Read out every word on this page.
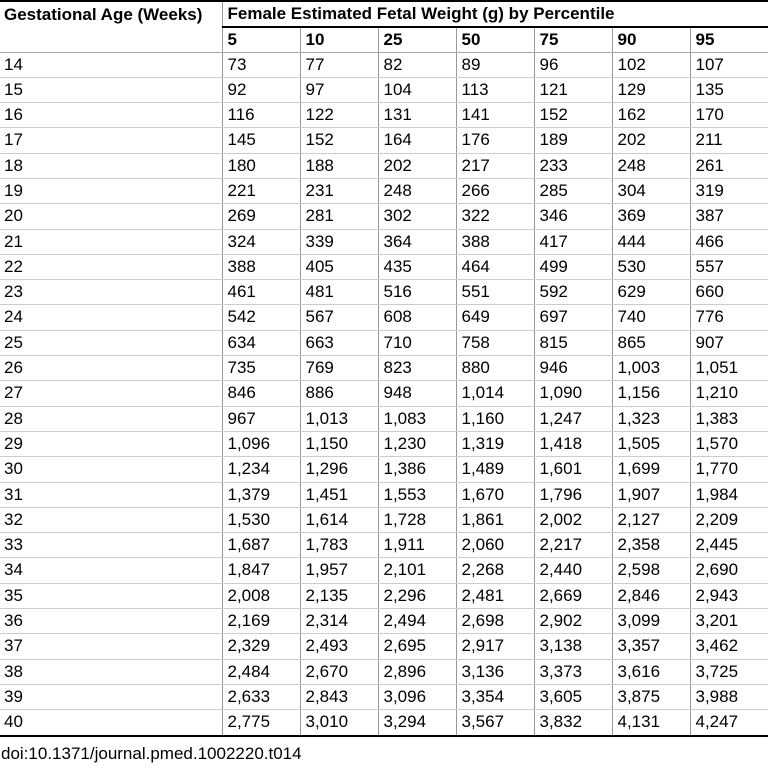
Gestational Age (Weeks)	Female Estimated Fetal Weight (g) by Percentile						
	5	10	25	50	75	90	95
14	73	77	82	89	96	102	107
15	92	97	104	113	121	129	135
16	116	122	131	141	152	162	170
17	145	152	164	176	189	202	211
18	180	188	202	217	233	248	261
19	221	231	248	266	285	304	319
20	269	281	302	322	346	369	387
21	324	339	364	388	417	444	466
22	388	405	435	464	499	530	557
23	461	481	516	551	592	629	660
24	542	567	608	649	697	740	776
25	634	663	710	758	815	865	907
26	735	769	823	880	946	1,003	1,051
27	846	886	948	1,014	1,090	1,156	1,210
28	967	1,013	1,083	1,160	1,247	1,323	1,383
29	1,096	1,150	1,230	1,319	1,418	1,505	1,570
30	1,234	1,296	1,386	1,489	1,601	1,699	1,770
31	1,379	1,451	1,553	1,670	1,796	1,907	1,984
32	1,530	1,614	1,728	1,861	2,002	2,127	2,209
33	1,687	1,783	1,911	2,060	2,217	2,358	2,445
34	1,847	1,957	2,101	2,268	2,440	2,598	2,690
35	2,008	2,135	2,296	2,481	2,669	2,846	2,943
36	2,169	2,314	2,494	2,698	2,902	3,099	3,201
37	2,329	2,493	2,695	2,917	3,138	3,357	3,462
38	2,484	2,670	2,896	3,136	3,373	3,616	3,725
39	2,633	2,843	3,096	3,354	3,605	3,875	3,988
40	2,775	3,010	3,294	3,567	3,832	4,131	4,247
doi:10.1371/journal.pmed.1002220.t014
